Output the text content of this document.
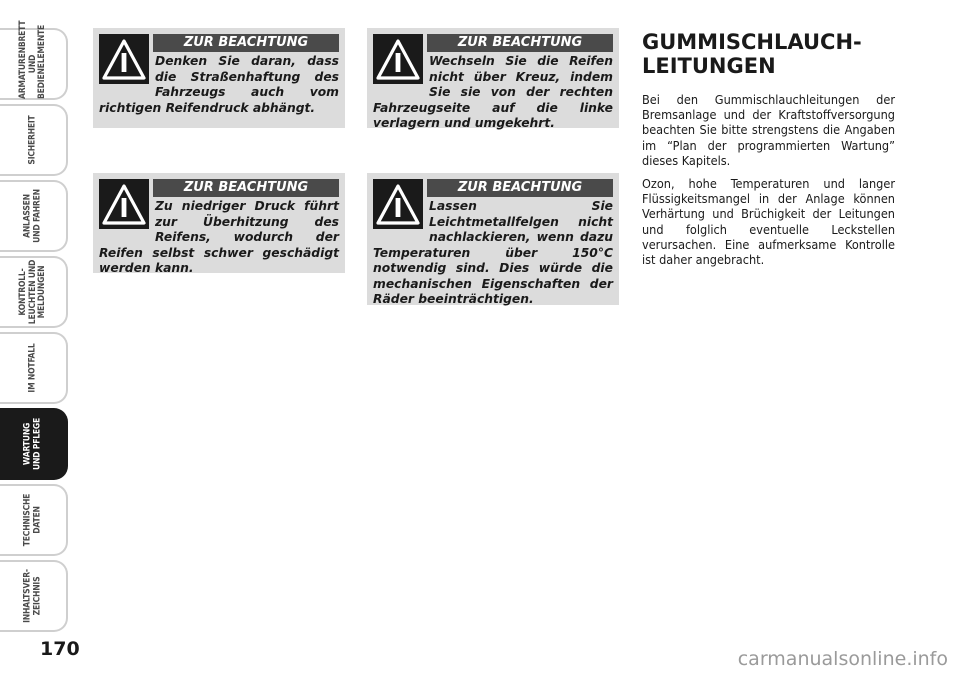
ARMATURENBRETT
UND
BEDIENELEMENTE
SICHERHEIT
ANLASSEN
UND FAHREN
KONTROLL-
LEUCHTEN UND
MELDUNGEN
IM NOTFALL
WARTUNG
UND PFLEGE
TECHNISCHE
DATEN
INHALTSVER-
ZEICHNIS
170
ZUR BEACHTUNG
Denken Sie daran, dass die Straßenhaftung des Fahrzeugs auch vom richtigen Reifendruck abhängt.
ZUR BEACHTUNG
Wechseln Sie die Reifen nicht über Kreuz, indem Sie sie von der rechten Fahrzeugseite auf die linke verlagern und umgekehrt.
ZUR BEACHTUNG
Zu niedriger Druck führt zur Überhitzung des Reifens, wodurch der Reifen selbst schwer geschädigt werden kann.
ZUR BEACHTUNG
Lassen Sie Leichtmetallfelgen nicht nachlackieren, wenn dazu Temperaturen über 150°C notwendig sind. Dies würde die mechanischen Eigenschaften der Räder beeinträchtigen.
GUMMISCHLAUCH-
LEITUNGEN

Bei den Gummischlauchleitungen der Bremsanlage und der Kraftstoffversorgung beachten Sie bitte strengstens die Angaben im “Plan der programmierten Wartung” dieses Kapitels.

Ozon, hohe Temperaturen und langer Flüssigkeitsmangel in der Anlage können Verhärtung und Brüchigkeit der Leitungen und folglich eventuelle Leckstellen verursachen. Eine aufmerksame Kontrolle ist daher angebracht.

carmanualsonline.info
